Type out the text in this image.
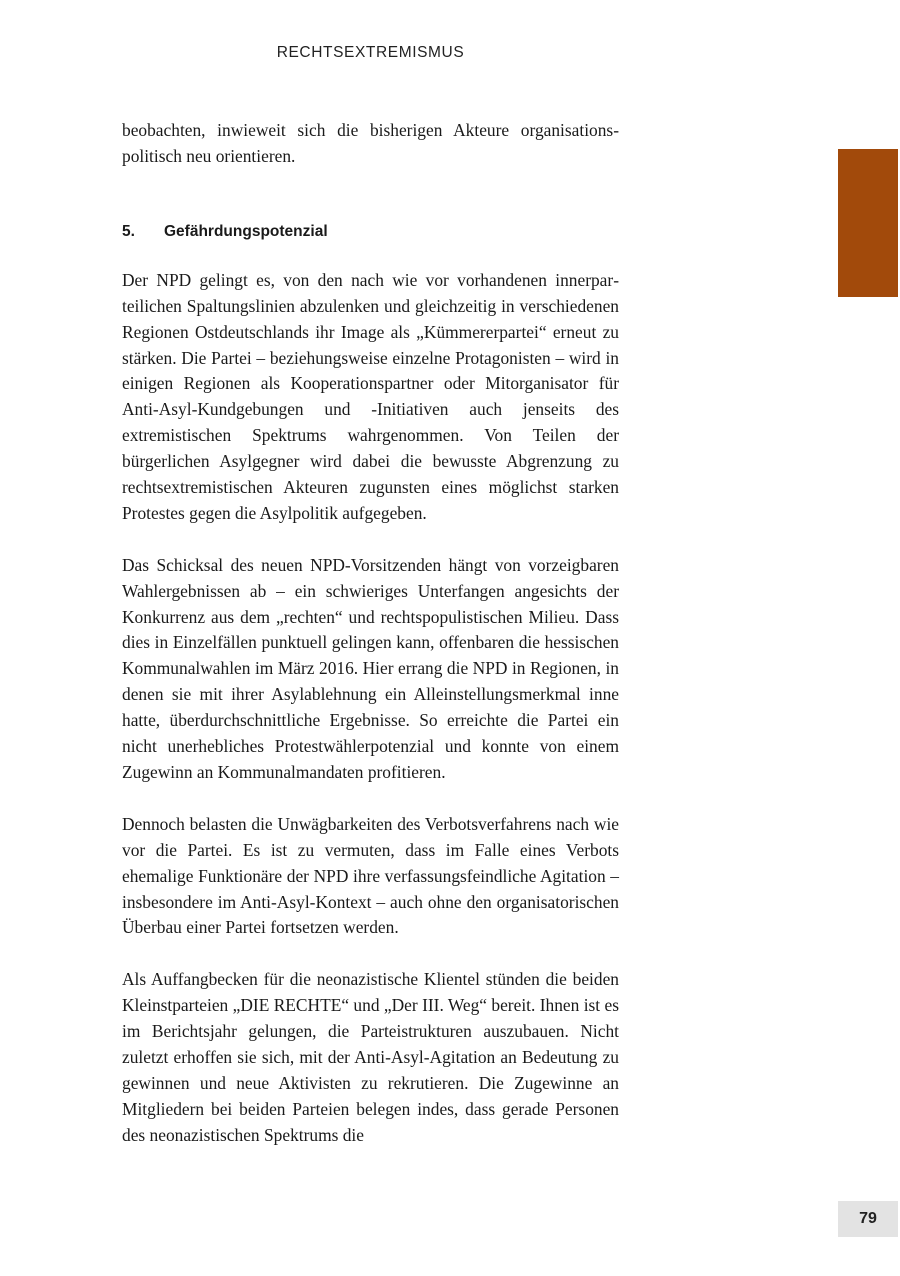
RECHTSEXTREMISMUS

beobachten, inwieweit sich die bisherigen Akteure organisationspolitisch neu orientieren.

5.	Gefährdungspotenzial

Der NPD gelingt es, von den nach wie vor vorhandenen innerparteilichen Spaltungslinien abzulenken und gleichzeitig in verschiedenen Regionen Ostdeutschlands ihr Image als „Kümmererpartei“ erneut zu stärken. Die Partei – beziehungsweise einzelne Protagonisten – wird in einigen Regionen als Kooperationspartner oder Mitorganisator für Anti-Asyl-Kundgebungen und -Initiativen auch jenseits des extremistischen Spektrums wahrgenommen. Von Teilen der bürgerlichen Asylgegner wird dabei die bewusste Abgrenzung zu rechtsextremistischen Akteuren zugunsten eines möglichst starken Protestes gegen die Asylpolitik aufgegeben.

Das Schicksal des neuen NPD-Vorsitzenden hängt von vorzeigbaren Wahlergebnissen ab – ein schwieriges Unterfangen angesichts der Konkurrenz aus dem „rechten“ und rechtspopulistischen Milieu. Dass dies in Einzelfällen punktuell gelingen kann, offenbaren die hessischen Kommunalwahlen im März 2016. Hier errang die NPD in Regionen, in denen sie mit ihrer Asylablehnung ein Alleinstellungsmerkmal inne hatte, überdurchschnittliche Ergebnisse. So erreichte die Partei ein nicht unerhebliches Protestwählerpotenzial und konnte von einem Zugewinn an Kommunalmandaten profitieren.

Dennoch belasten die Unwägbarkeiten des Verbotsverfahrens nach wie vor die Partei. Es ist zu vermuten, dass im Falle eines Verbots ehemalige Funktionäre der NPD ihre verfassungsfeindliche Agitation – insbesondere im Anti-Asyl-Kontext – auch ohne den organisatorischen Überbau einer Partei fortsetzen werden.

Als Auffangbecken für die neonazistische Klientel stünden die beiden Kleinstparteien „DIE RECHTE“ und „Der III. Weg“ bereit. Ihnen ist es im Berichtsjahr gelungen, die Parteistrukturen auszubauen. Nicht zuletzt erhoffen sie sich, mit der Anti-Asyl-Agitation an Bedeutung zu gewinnen und neue Aktivisten zu rekrutieren. Die Zugewinne an Mitgliedern bei beiden Parteien belegen indes, dass gerade Personen des neonazistischen Spektrums die

79
